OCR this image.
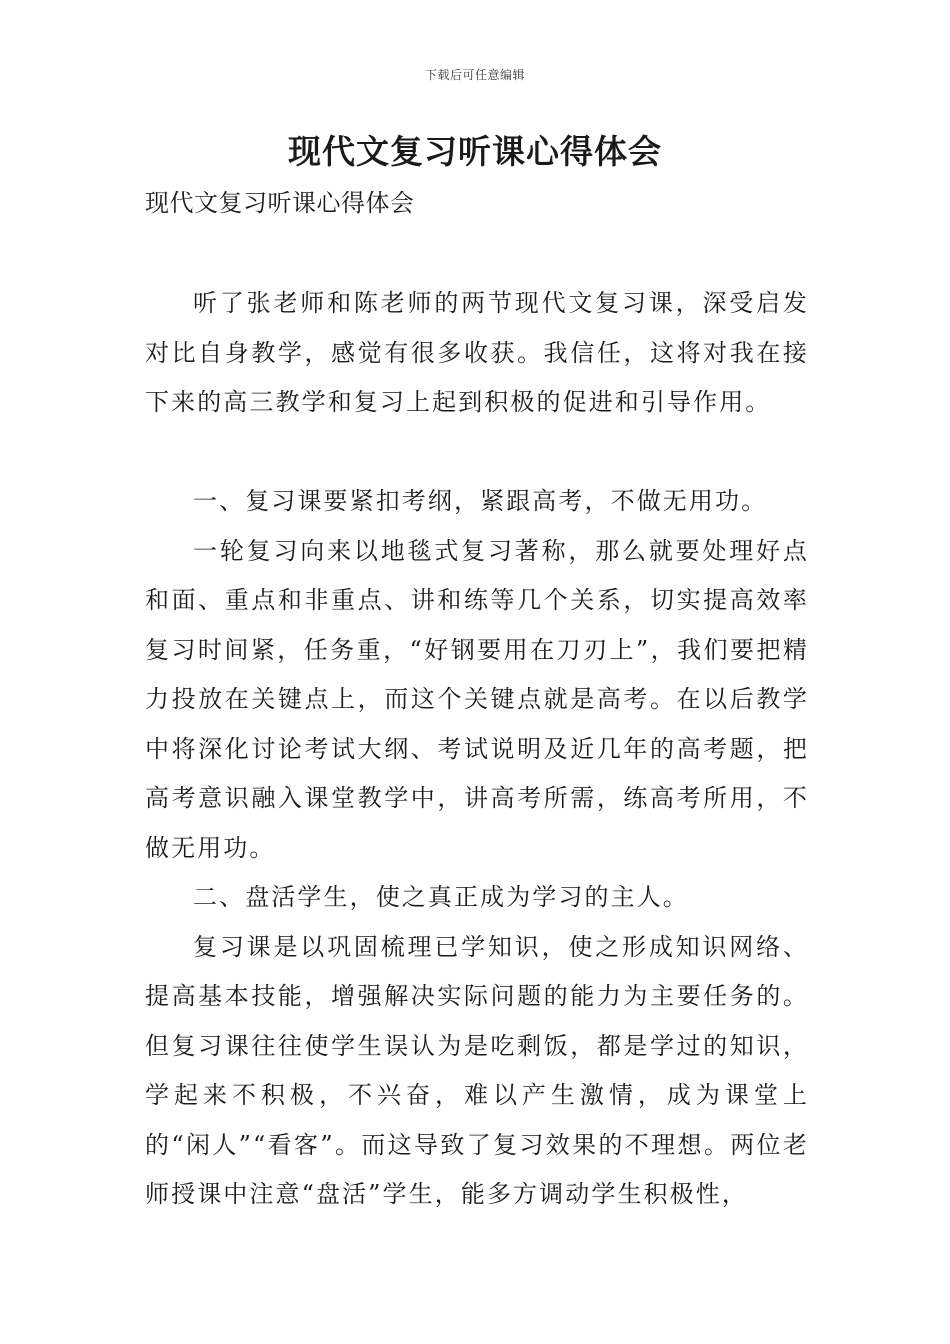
下载后可任意编辑
现代文复习听课心得体会
现代文复习听课心得体会

听了张老师和陈老师的两节现代文复习课，深受启发对比自身教学，感觉有很多收获。我信任，这将对我在接下来的高三教学和复习上起到积极的促进和引导作用。

一、复习课要紧扣考纲，紧跟高考，不做无用功。

一轮复习向来以地毯式复习著称，那么就要处理好点和面、重点和非重点、讲和练等几个关系，切实提高效率复习时间紧，任务重，“好钢要用在刀刃上”，我们要把精力投放在关键点上，而这个关键点就是高考。在以后教学中将深化讨论考试大纲、考试说明及近几年的高考题，把高考意识融入课堂教学中，讲高考所需，练高考所用，不做无用功。

二、盘活学生，使之真正成为学习的主人。

复习课是以巩固梳理已学知识，使之形成知识网络、提高基本技能，增强解决实际问题的能力为主要任务的。但复习课往往使学生误认为是吃剩饭，都是学过的知识，学起来不积极，不兴奋，难以产生激情，成为课堂上的“闲人”“看客”。而这导致了复习效果的不理想。两位老师授课中注意“盘活”学生，能多方调动学生积极性，
